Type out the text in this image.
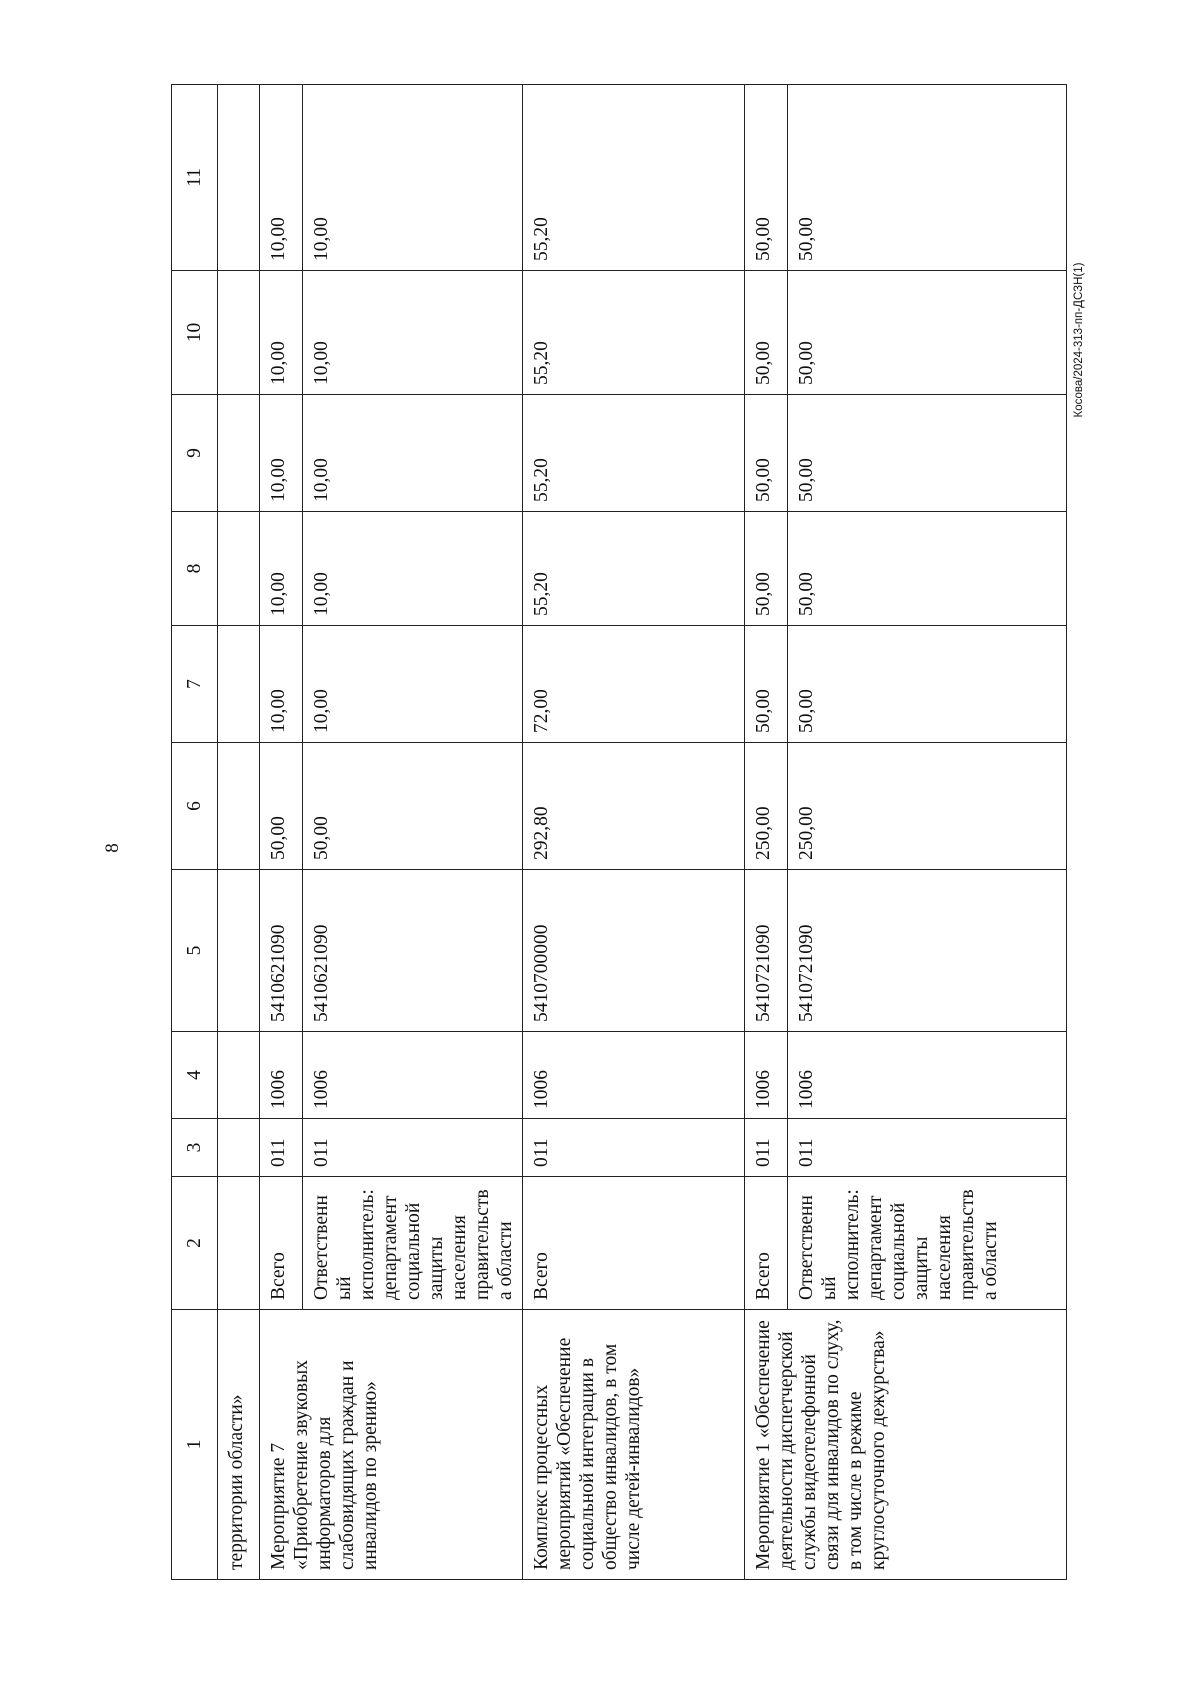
8
Косова/2024-313-пп-ДСЗН(1)
1	2	3	4	5	6	7	8	9	10	11
территории области»										
Мероприятие 7 «Приобретение звуковых информаторов для слабовидящих граждан и инвалидов по зрению»	Всего	011	1006	5410621090	50,00	10,00	10,00	10,00	10,00	10,00
	Ответственный исполнитель: департамент социальной защиты населения правительства области	011	1006	5410621090	50,00	10,00	10,00	10,00	10,00	10,00
Комплекс процессных мероприятий «Обеспечение социальной интеграции в общество инвалидов, в том числе детей-инвалидов»	Всего	011	1006	5410700000	292,80	72,00	55,20	55,20	55,20	55,20
Мероприятие 1 «Обеспечение деятельности диспетчерской службы видеотелефонной связи для инвалидов по слуху, в том числе в режиме круглосуточного дежурства»	Всего	011	1006	5410721090	250,00	50,00	50,00	50,00	50,00	50,00
	Ответственный исполнитель: департамент социальной защиты населения правительства области	011	1006	5410721090	250,00	50,00	50,00	50,00	50,00	50,00
